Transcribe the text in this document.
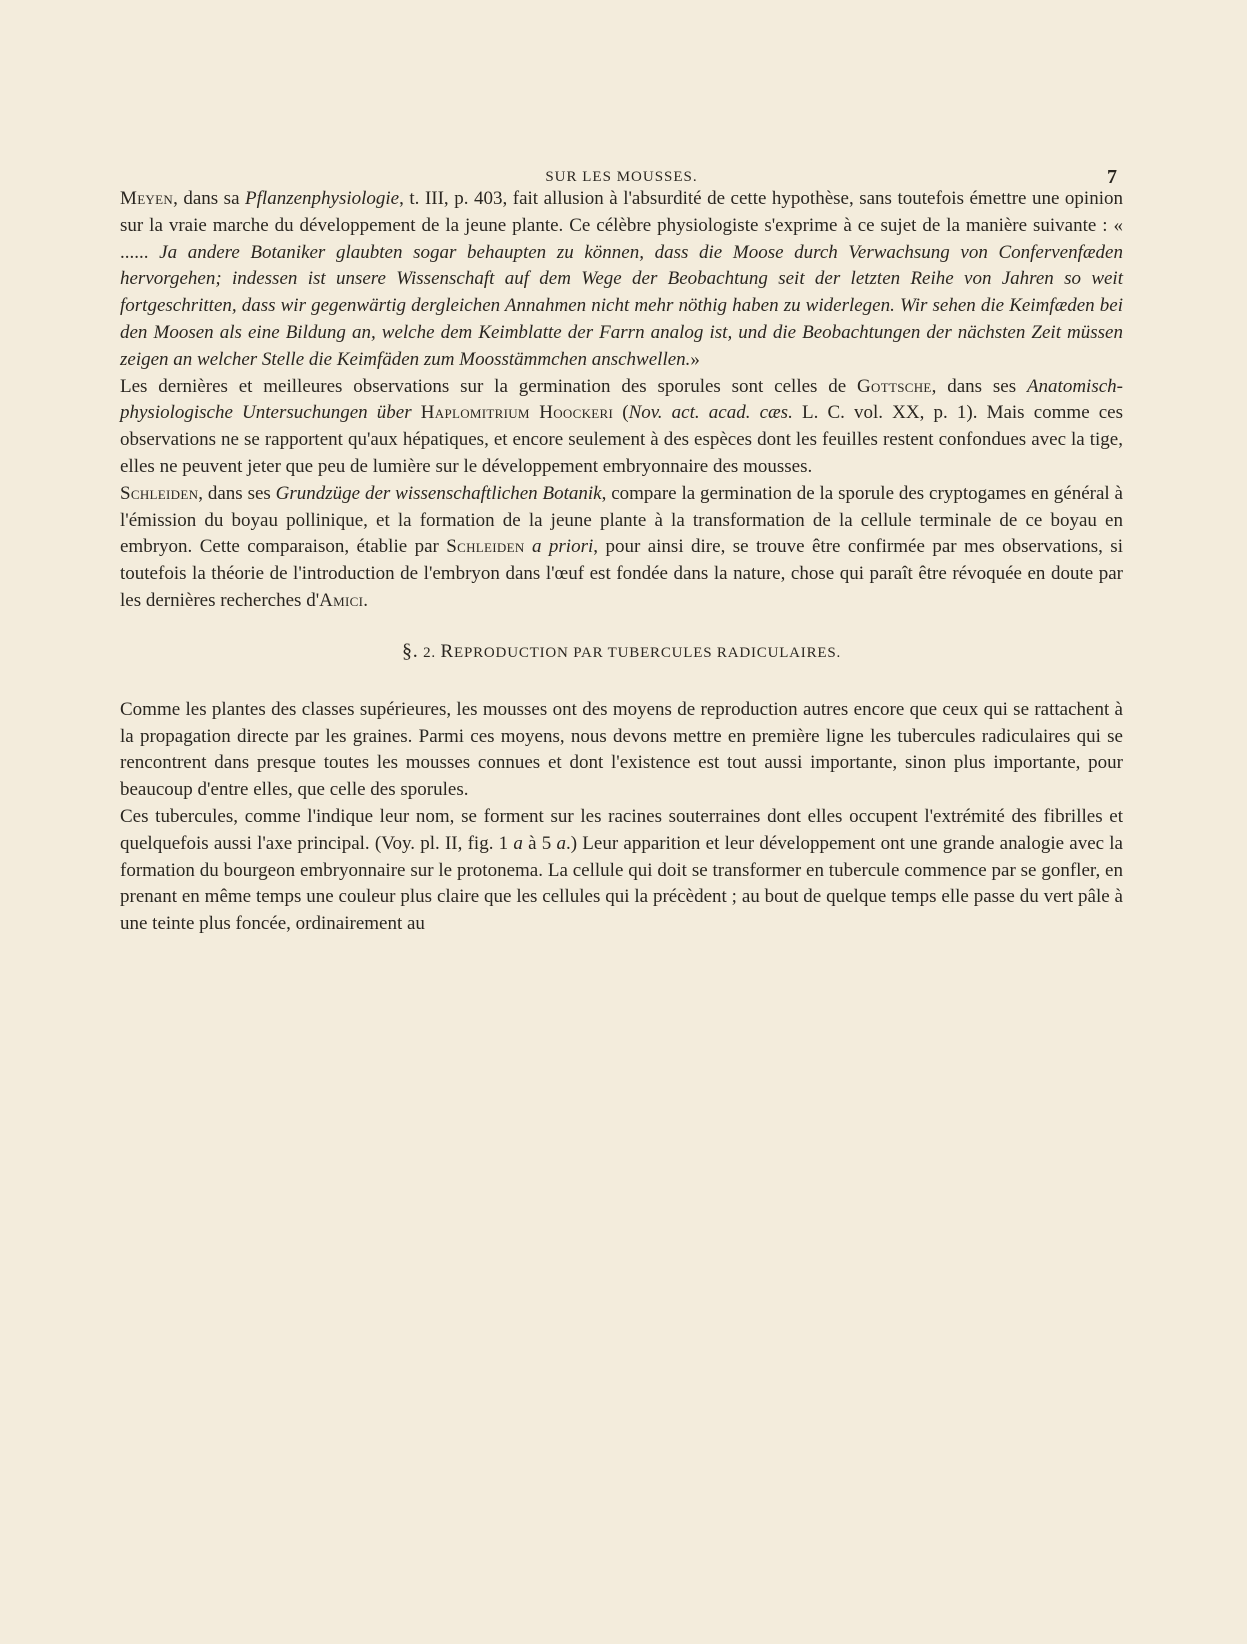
SUR LES MOUSSES.	7

Meyen, dans sa Pflanzenphysiologie, t. III, p. 403, fait allusion à l'absurdité de cette hypothèse, sans toutefois émettre une opinion sur la vraie marche du développement de la jeune plante. Ce célèbre physiologiste s'exprime à ce sujet de la manière suivante : « ...... Ja andere Botaniker glaubten sogar behaupten zu können, dass die Moose durch Verwachsung von Confervenfæden hervorgehen; indessen ist unsere Wissenschaft auf dem Wege der Beobachtung seit der letzten Reihe von Jahren so weit fortgeschritten, dass wir gegenwärtig dergleichen Annahmen nicht mehr nöthig haben zu widerlegen. Wir sehen die Keimfæden bei den Moosen als eine Bildung an, welche dem Keimblatte der Farrn analog ist, und die Beobachtungen der nächsten Zeit müssen zeigen an welcher Stelle die Keimfäden zum Moosstämmchen anschwellen.»

Les dernières et meilleures observations sur la germination des sporules sont celles de Gottsche, dans ses Anatomisch-physiologische Untersuchungen über Haplomitrium Hoockeri (Nov. act. acad. cæs. L. C. vol. XX, p. 1). Mais comme ces observations ne se rapportent qu'aux hépatiques, et encore seulement à des espèces dont les feuilles restent confondues avec la tige, elles ne peuvent jeter que peu de lumière sur le développement embryonnaire des mousses.

Schleiden, dans ses Grundzüge der wissenschaftlichen Botanik, compare la germination de la sporule des cryptogames en général à l'émission du boyau pollinique, et la formation de la jeune plante à la transformation de la cellule terminale de ce boyau en embryon. Cette comparaison, établie par Schleiden a priori, pour ainsi dire, se trouve être confirmée par mes observations, si toutefois la théorie de l'introduction de l'embryon dans l'œuf est fondée dans la nature, chose qui paraît être révoquée en doute par les dernières recherches d'Amici.

§. 2. REPRODUCTION PAR TUBERCULES RADICULAIRES.

Comme les plantes des classes supérieures, les mousses ont des moyens de reproduction autres encore que ceux qui se rattachent à la propagation directe par les graines. Parmi ces moyens, nous devons mettre en première ligne les tubercules radiculaires qui se rencontrent dans presque toutes les mousses connues et dont l'existence est tout aussi importante, sinon plus importante, pour beaucoup d'entre elles, que celle des sporules.

Ces tubercules, comme l'indique leur nom, se forment sur les racines souterraines dont elles occupent l'extrémité des fibrilles et quelquefois aussi l'axe principal. (Voy. pl. II, fig. 1 a à 5 a.) Leur apparition et leur développement ont une grande analogie avec la formation du bourgeon embryonnaire sur le protonema. La cellule qui doit se transformer en tubercule commence par se gonfler, en prenant en même temps une couleur plus claire que les cellules qui la précèdent ; au bout de quelque temps elle passe du vert pâle à une teinte plus foncée, ordinairement au
